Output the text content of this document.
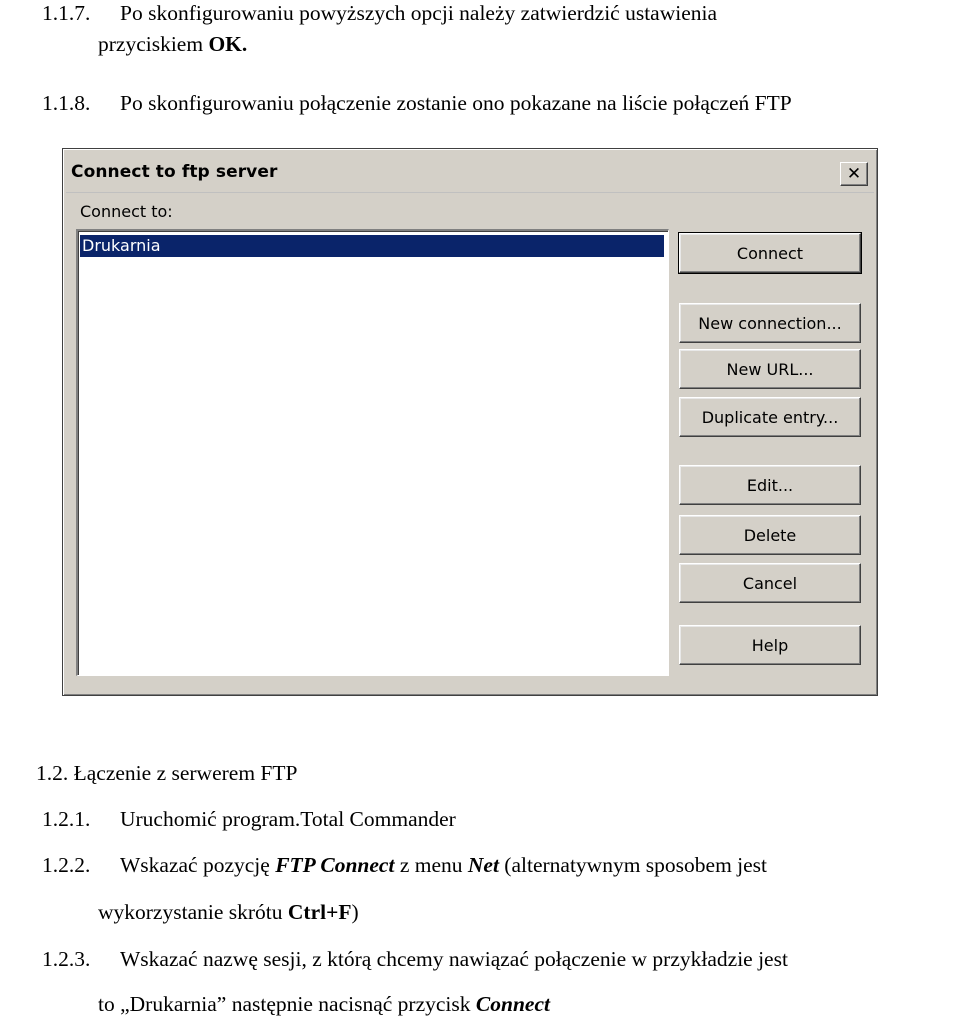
1.1.7. Po skonfigurowaniu powyższych opcji należy zatwierdzić ustawienia
przyciskiem OK.
1.1.8. Po skonfigurowaniu połączenie zostanie ono pokazane na liście połączeń FTP
Connect to ftp server	✕
Connect to:
Drukarnia	Connect
New connection...
New URL...
Duplicate entry...
Edit...
Delete
Cancel
Help
1.2. Łączenie z serwerem FTP
1.2.1. Uruchomić program.Total Commander
1.2.2. Wskazać pozycję FTP Connect z menu Net (alternatywnym sposobem jest
wykorzystanie skrótu Ctrl+F)
1.2.3. Wskazać nazwę sesji, z którą chcemy nawiązać połączenie w przykładzie jest
to „Drukarnia” następnie nacisnąć przycisk Connect
